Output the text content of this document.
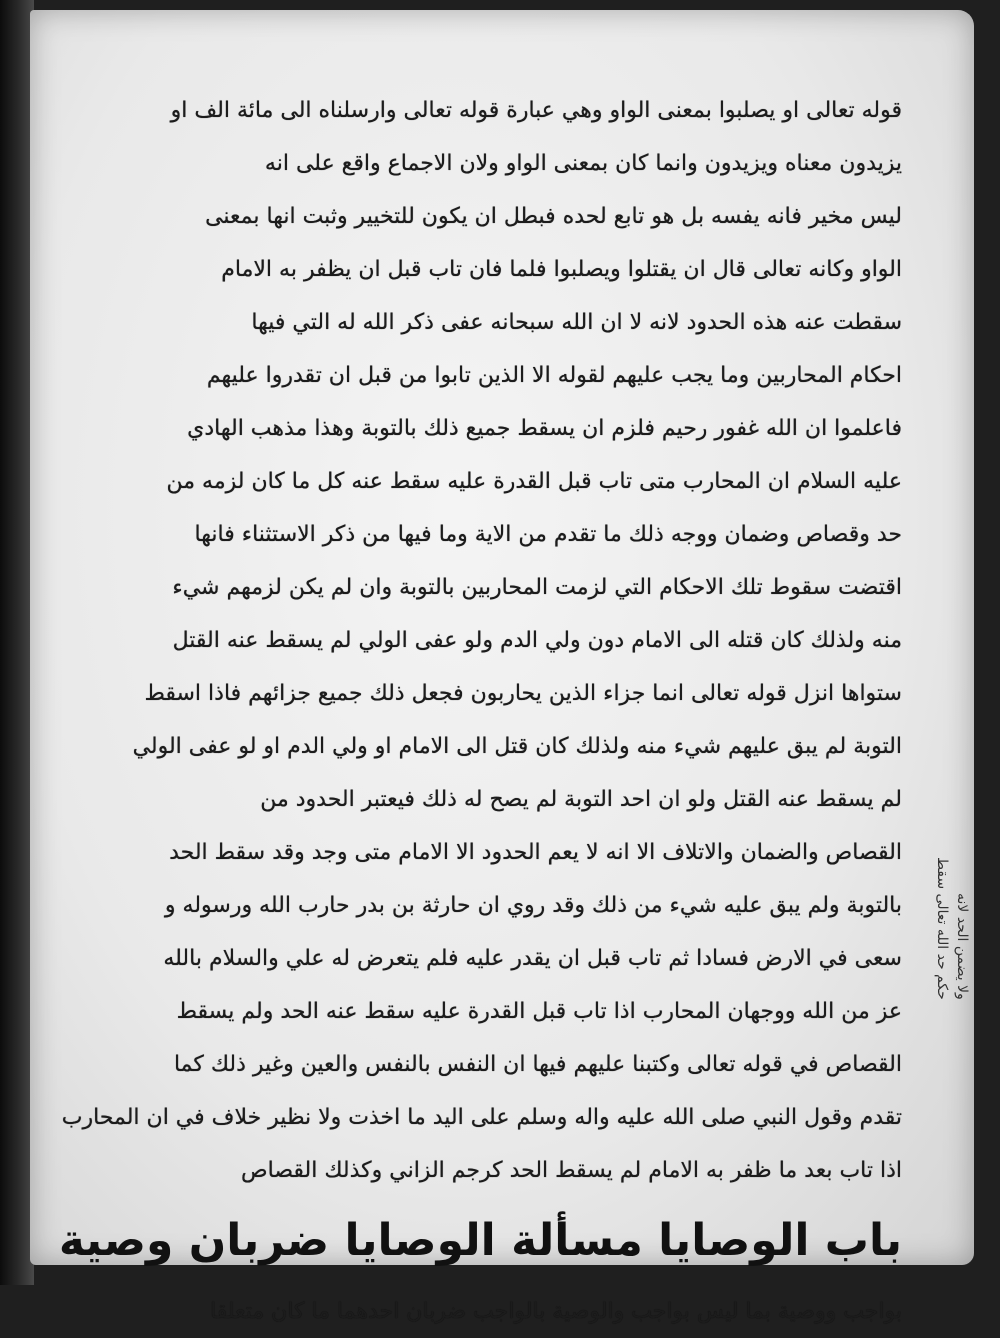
قوله تعالى او يصلبوا بمعنى الواو وهي عبارة قوله تعالى وارسلناه الى مائة الف او
يزيدون معناه ويزيدون وانما كان بمعنى الواو ولان الاجماع واقع على انه
ليس مخير فانه يفسه بل هو تابع لحده فبطل ان يكون للتخيير وثبت انها بمعنى
الواو وكانه تعالى قال ان يقتلوا ويصلبوا فلما فان تاب قبل ان يظفر به الامام
سقطت عنه هذه الحدود لانه لا ان الله سبحانه عفى ذكر الله له التي فيها
احكام المحاربين وما يجب عليهم لقوله الا الذين تابوا من قبل ان تقدروا عليهم
فاعلموا ان الله غفور رحيم فلزم ان يسقط جميع ذلك بالتوبة وهذا مذهب الهادي
عليه السلام ان المحارب متى تاب قبل القدرة عليه سقط عنه كل ما كان لزمه من
حد وقصاص وضمان ووجه ذلك ما تقدم من الاية وما فيها من ذكر الاستثناء فانها
اقتضت سقوط تلك الاحكام التي لزمت المحاربين بالتوبة وان لم يكن لزمهم شيء
منه ولذلك كان قتله الى الامام دون ولي الدم ولو عفى الولي لم يسقط عنه القتل
ستواها انزل قوله تعالى انما جزاء الذين يحاربون فجعل ذلك جميع جزائهم فاذا اسقط
التوبة لم يبق عليهم شيء منه ولذلك كان قتل الى الامام او ولي الدم او لو عفى الولي
لم يسقط عنه القتل ولو ان احد التوبة لم يصح له ذلك فيعتبر الحدود من
القصاص والضمان والاتلاف الا انه لا يعم الحدود الا الامام متى وجد وقد سقط الحد
بالتوبة ولم يبق عليه شيء من ذلك وقد روي ان حارثة بن بدر حارب الله ورسوله و
سعى في الارض فسادا ثم تاب قبل ان يقدر عليه فلم يتعرض له علي والسلام بالله
عز من الله ووجهان المحارب اذا تاب قبل القدرة عليه سقط عنه الحد ولم يسقط
القصاص في قوله تعالى وكتبنا عليهم فيها ان النفس بالنفس والعين وغير ذلك كما
تقدم وقول النبي صلى الله عليه واله وسلم على اليد ما اخذت ولا نظير خلاف في ان المحارب
اذا تاب بعد ما ظفر به الامام لم يسقط الحد كرجم الزاني وكذلك القصاص
باب الوصايا مسألة الوصايا ضربان وصية
بواجب ووصية بما ليس بواجب والوصية بالواجب ضربان احدهما ما كان متعلقا
ولا يضمن الحد لانه
حكم حد الله تعالى سقط
